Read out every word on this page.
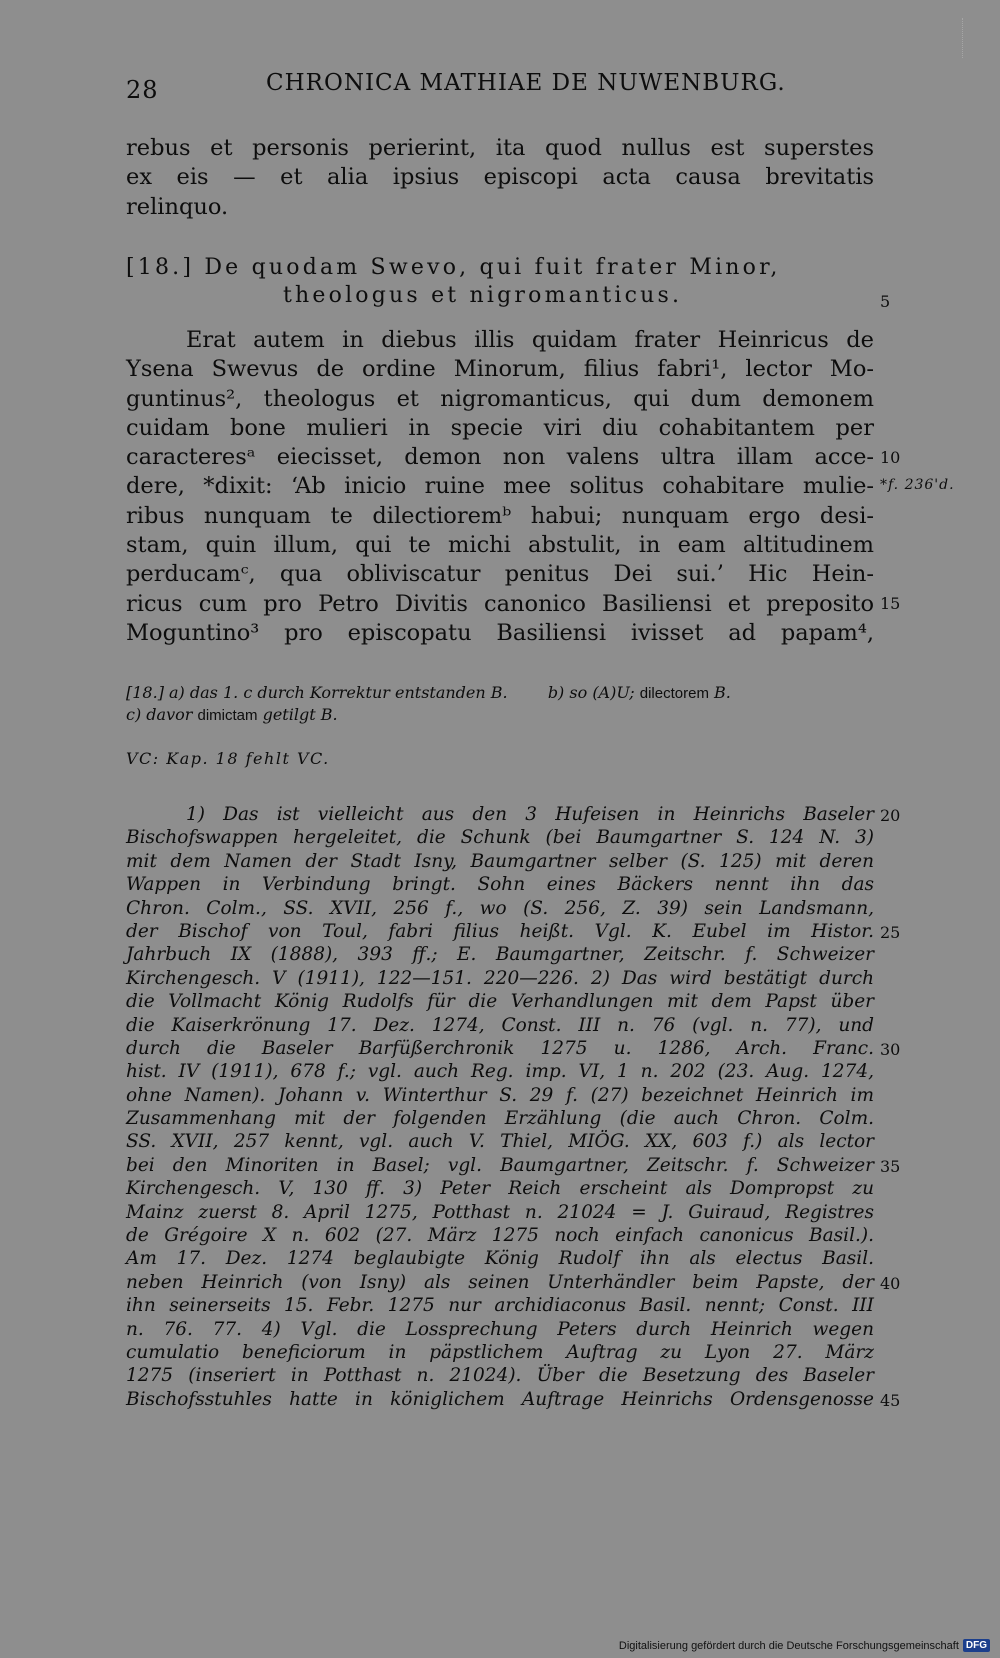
28	CHRONICA MATHIAE DE NUWENBURG.
rebus et personis perierint, ita quod nullus est superstes
ex eis — et alia ipsius episcopi acta causa brevitatis
relinquo.
[18.] De quodam Swevo, qui fuit frater Minor,
theologus et nigromanticus.
Erat autem in diebus illis quidam frater Heinricus de
Ysena Swevus de ordine Minorum, filius fabri¹, lector Mo-
guntinus², theologus et nigromanticus, qui dum demonem
cuidam bone mulieri in specie viri diu cohabitantem per
caracteresᵃ eiecisset, demon non valens ultra illam acce-
dere, *dixit: ‘Ab inicio ruine mee solitus cohabitare mulie-
ribus nunquam te dilectioremᵇ habui; nunquam ergo desi-
stam, quin illum, qui te michi abstulit, in eam altitudinem
perducamᶜ, qua obliviscatur penitus Dei sui.’ Hic Hein-
ricus cum pro Petro Divitis canonico Basiliensi et preposito
Moguntino³ pro episcopatu Basiliensi ivisset ad papam⁴,
[18.] a) das 1. c durch Korrektur entstanden B.	b) so (A)U; dilectorem B.
c) davor dimictam getilgt B.
VC: Kap. 18 fehlt VC.
1) Das ist vielleicht aus den 3 Hufeisen in Heinrichs Baseler
Bischofswappen hergeleitet, die Schunk (bei Baumgartner S. 124 N. 3)
mit dem Namen der Stadt Isny, Baumgartner selber (S. 125) mit deren
Wappen in Verbindung bringt. Sohn eines Bäckers nennt ihn das
Chron. Colm., SS. XVII, 256 f., wo (S. 256, Z. 39) sein Landsmann,
der Bischof von Toul, fabri filius heißt. Vgl. K. Eubel im Histor.
Jahrbuch IX (1888), 393 ff.; E. Baumgartner, Zeitschr. f. Schweizer
Kirchengesch. V (1911), 122—151. 220—226. 2) Das wird bestätigt durch
die Vollmacht König Rudolfs für die Verhandlungen mit dem Papst über
die Kaiserkrönung 17. Dez. 1274, Const. III n. 76 (vgl. n. 77), und
durch die Baseler Barfüßerchronik 1275 u. 1286, Arch. Franc.
hist. IV (1911), 678 f.; vgl. auch Reg. imp. VI, 1 n. 202 (23. Aug. 1274,
ohne Namen). Johann v. Winterthur S. 29 f. (27) bezeichnet Heinrich im
Zusammenhang mit der folgenden Erzählung (die auch Chron. Colm.
SS. XVII, 257 kennt, vgl. auch V. Thiel, MIÖG. XX, 603 f.) als lector
bei den Minoriten in Basel; vgl. Baumgartner, Zeitschr. f. Schweizer
Kirchengesch. V, 130 ff. 3) Peter Reich erscheint als Dompropst zu
Mainz zuerst 8. April 1275, Potthast n. 21024 = J. Guiraud, Registres
de Grégoire X n. 602 (27. März 1275 noch einfach canonicus Basil.).
Am 17. Dez. 1274 beglaubigte König Rudolf ihn als electus Basil.
neben Heinrich (von Isny) als seinen Unterhändler beim Papste, der
ihn seinerseits 15. Febr. 1275 nur archidiaconus Basil. nennt; Const. III
n. 76. 77. 4) Vgl. die Lossprechung Peters durch Heinrich wegen
cumulatio beneficiorum in päpstlichem Auftrag zu Lyon 27. März
1275 (inseriert in Potthast n. 21024). Über die Besetzung des Baseler
Bischofsstuhles hatte in königlichem Auftrage Heinrichs Ordensgenosse
5
10
15
20
25
30
35
40
45
*f. 236'd.
Digitalisierung gefördert durch die Deutsche Forschungsgemeinschaft DFG
